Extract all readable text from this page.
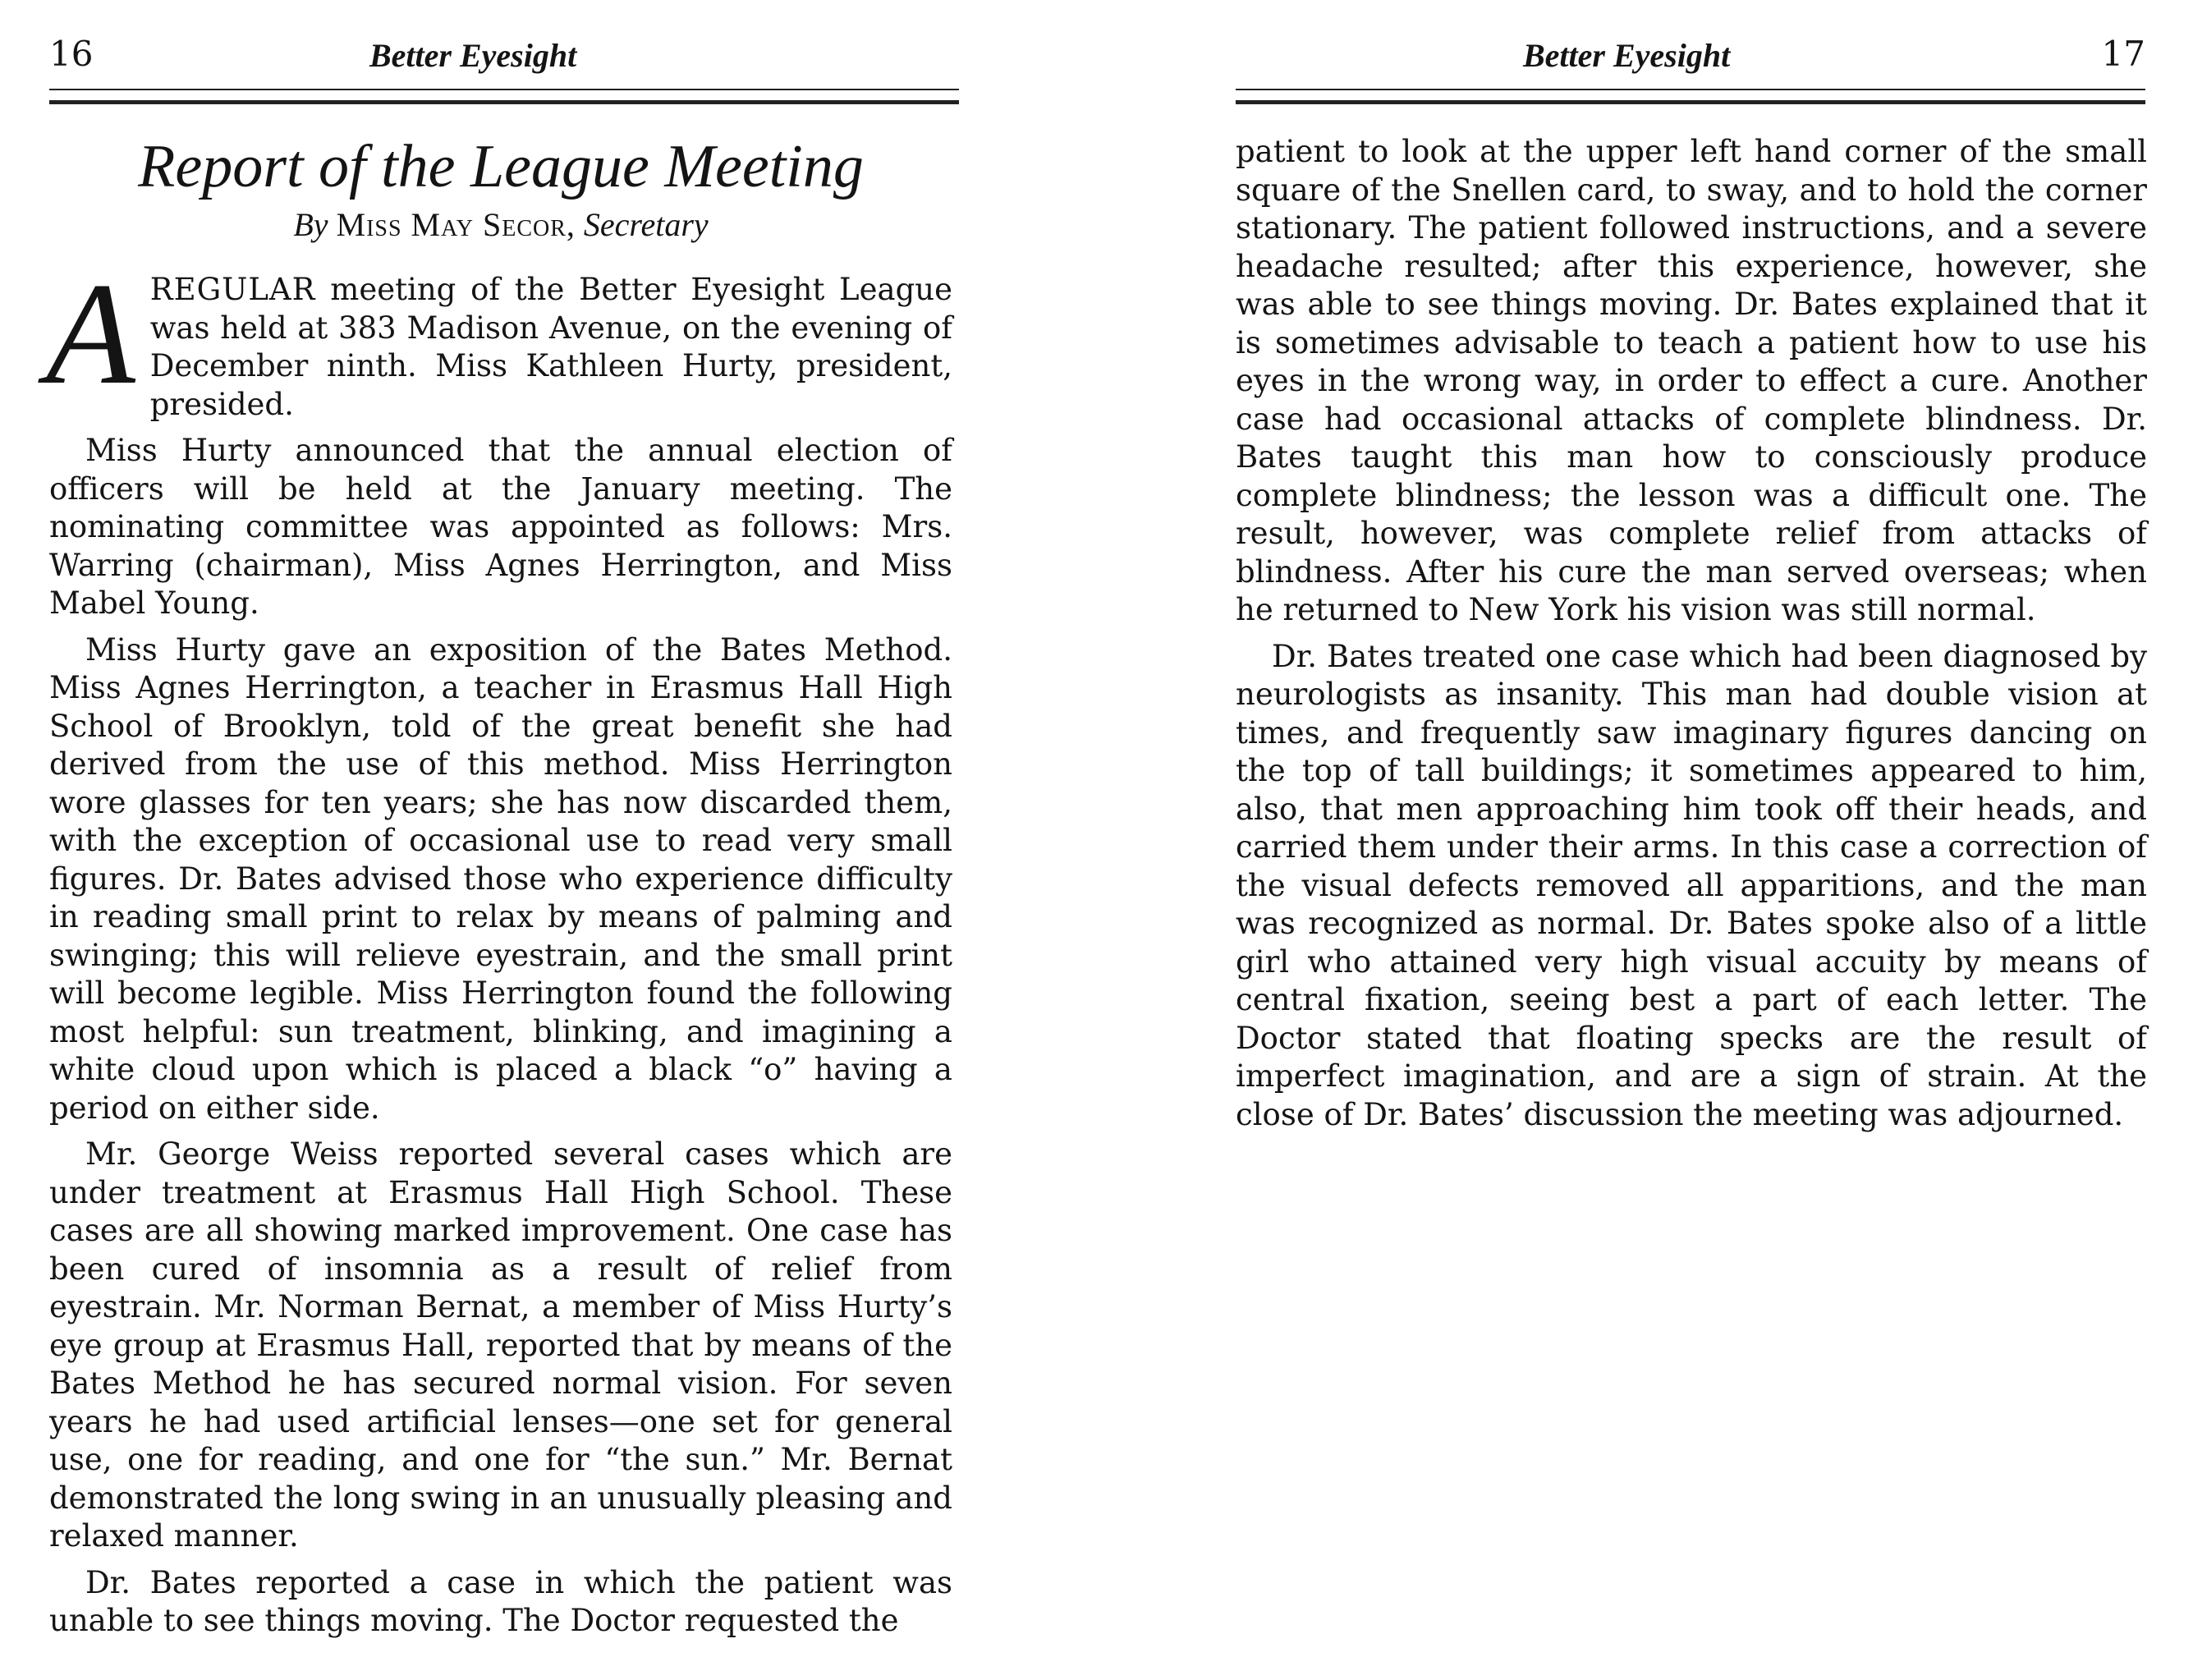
16	Better Eyesight
Report of the League Meeting
By Miss May Secor, Secretary

AREGULAR meeting of the Better Eyesight League was held at 383 Madison Avenue, on the evening of December ninth. Miss Kathleen Hurty, president, presided.

Miss Hurty announced that the annual election of officers will be held at the January meeting. The nominating committee was appointed as follows: Mrs. Warring (chairman), Miss Agnes Herrington, and Miss Mabel Young.

Miss Hurty gave an exposition of the Bates Method. Miss Agnes Herrington, a teacher in Erasmus Hall High School of Brooklyn, told of the great benefit she had derived from the use of this method. Miss Herrington wore glasses for ten years; she has now discarded them, with the exception of occasional use to read very small figures. Dr. Bates advised those who experience difficulty in reading small print to relax by means of palming and swinging; this will relieve eyestrain, and the small print will become legible. Miss Herrington found the following most helpful: sun treatment, blinking, and imagining a white cloud upon which is placed a black “o” having a period on either side.

Mr. George Weiss reported several cases which are under treatment at Erasmus Hall High School. These cases are all showing marked improvement. One case has been cured of insomnia as a result of relief from eyestrain. Mr. Norman Bernat, a member of Miss Hurty’s eye group at Erasmus Hall, reported that by means of the Bates Method he has secured normal vision. For seven years he had used artificial lenses—one set for general use, one for reading, and one for “the sun.” Mr. Bernat demonstrated the long swing in an unusually pleasing and relaxed manner.

Dr. Bates reported a case in which the patient was unable to see things moving. The Doctor requested the

Better Eyesight	17

patient to look at the upper left hand corner of the small square of the Snellen card, to sway, and to hold the corner stationary. The patient followed instructions, and a severe headache resulted; after this experience, however, she was able to see things moving. Dr. Bates explained that it is sometimes advisable to teach a patient how to use his eyes in the wrong way, in order to effect a cure. Another case had occasional attacks of complete blindness. Dr. Bates taught this man how to consciously produce complete blindness; the lesson was a difficult one. The result, however, was complete relief from attacks of blindness. After his cure the man served overseas; when he returned to New York his vision was still normal.

Dr. Bates treated one case which had been diagnosed by neurologists as insanity. This man had double vision at times, and frequently saw imaginary figures dancing on the top of tall buildings; it sometimes appeared to him, also, that men approaching him took off their heads, and carried them under their arms. In this case a correction of the visual defects removed all apparitions, and the man was recognized as normal. Dr. Bates spoke also of a little girl who attained very high visual accuity by means of central fixation, seeing best a part of each letter. The Doctor stated that floating specks are the result of imperfect imagination, and are a sign of strain. At the close of Dr. Bates’ discussion the meeting was adjourned.
